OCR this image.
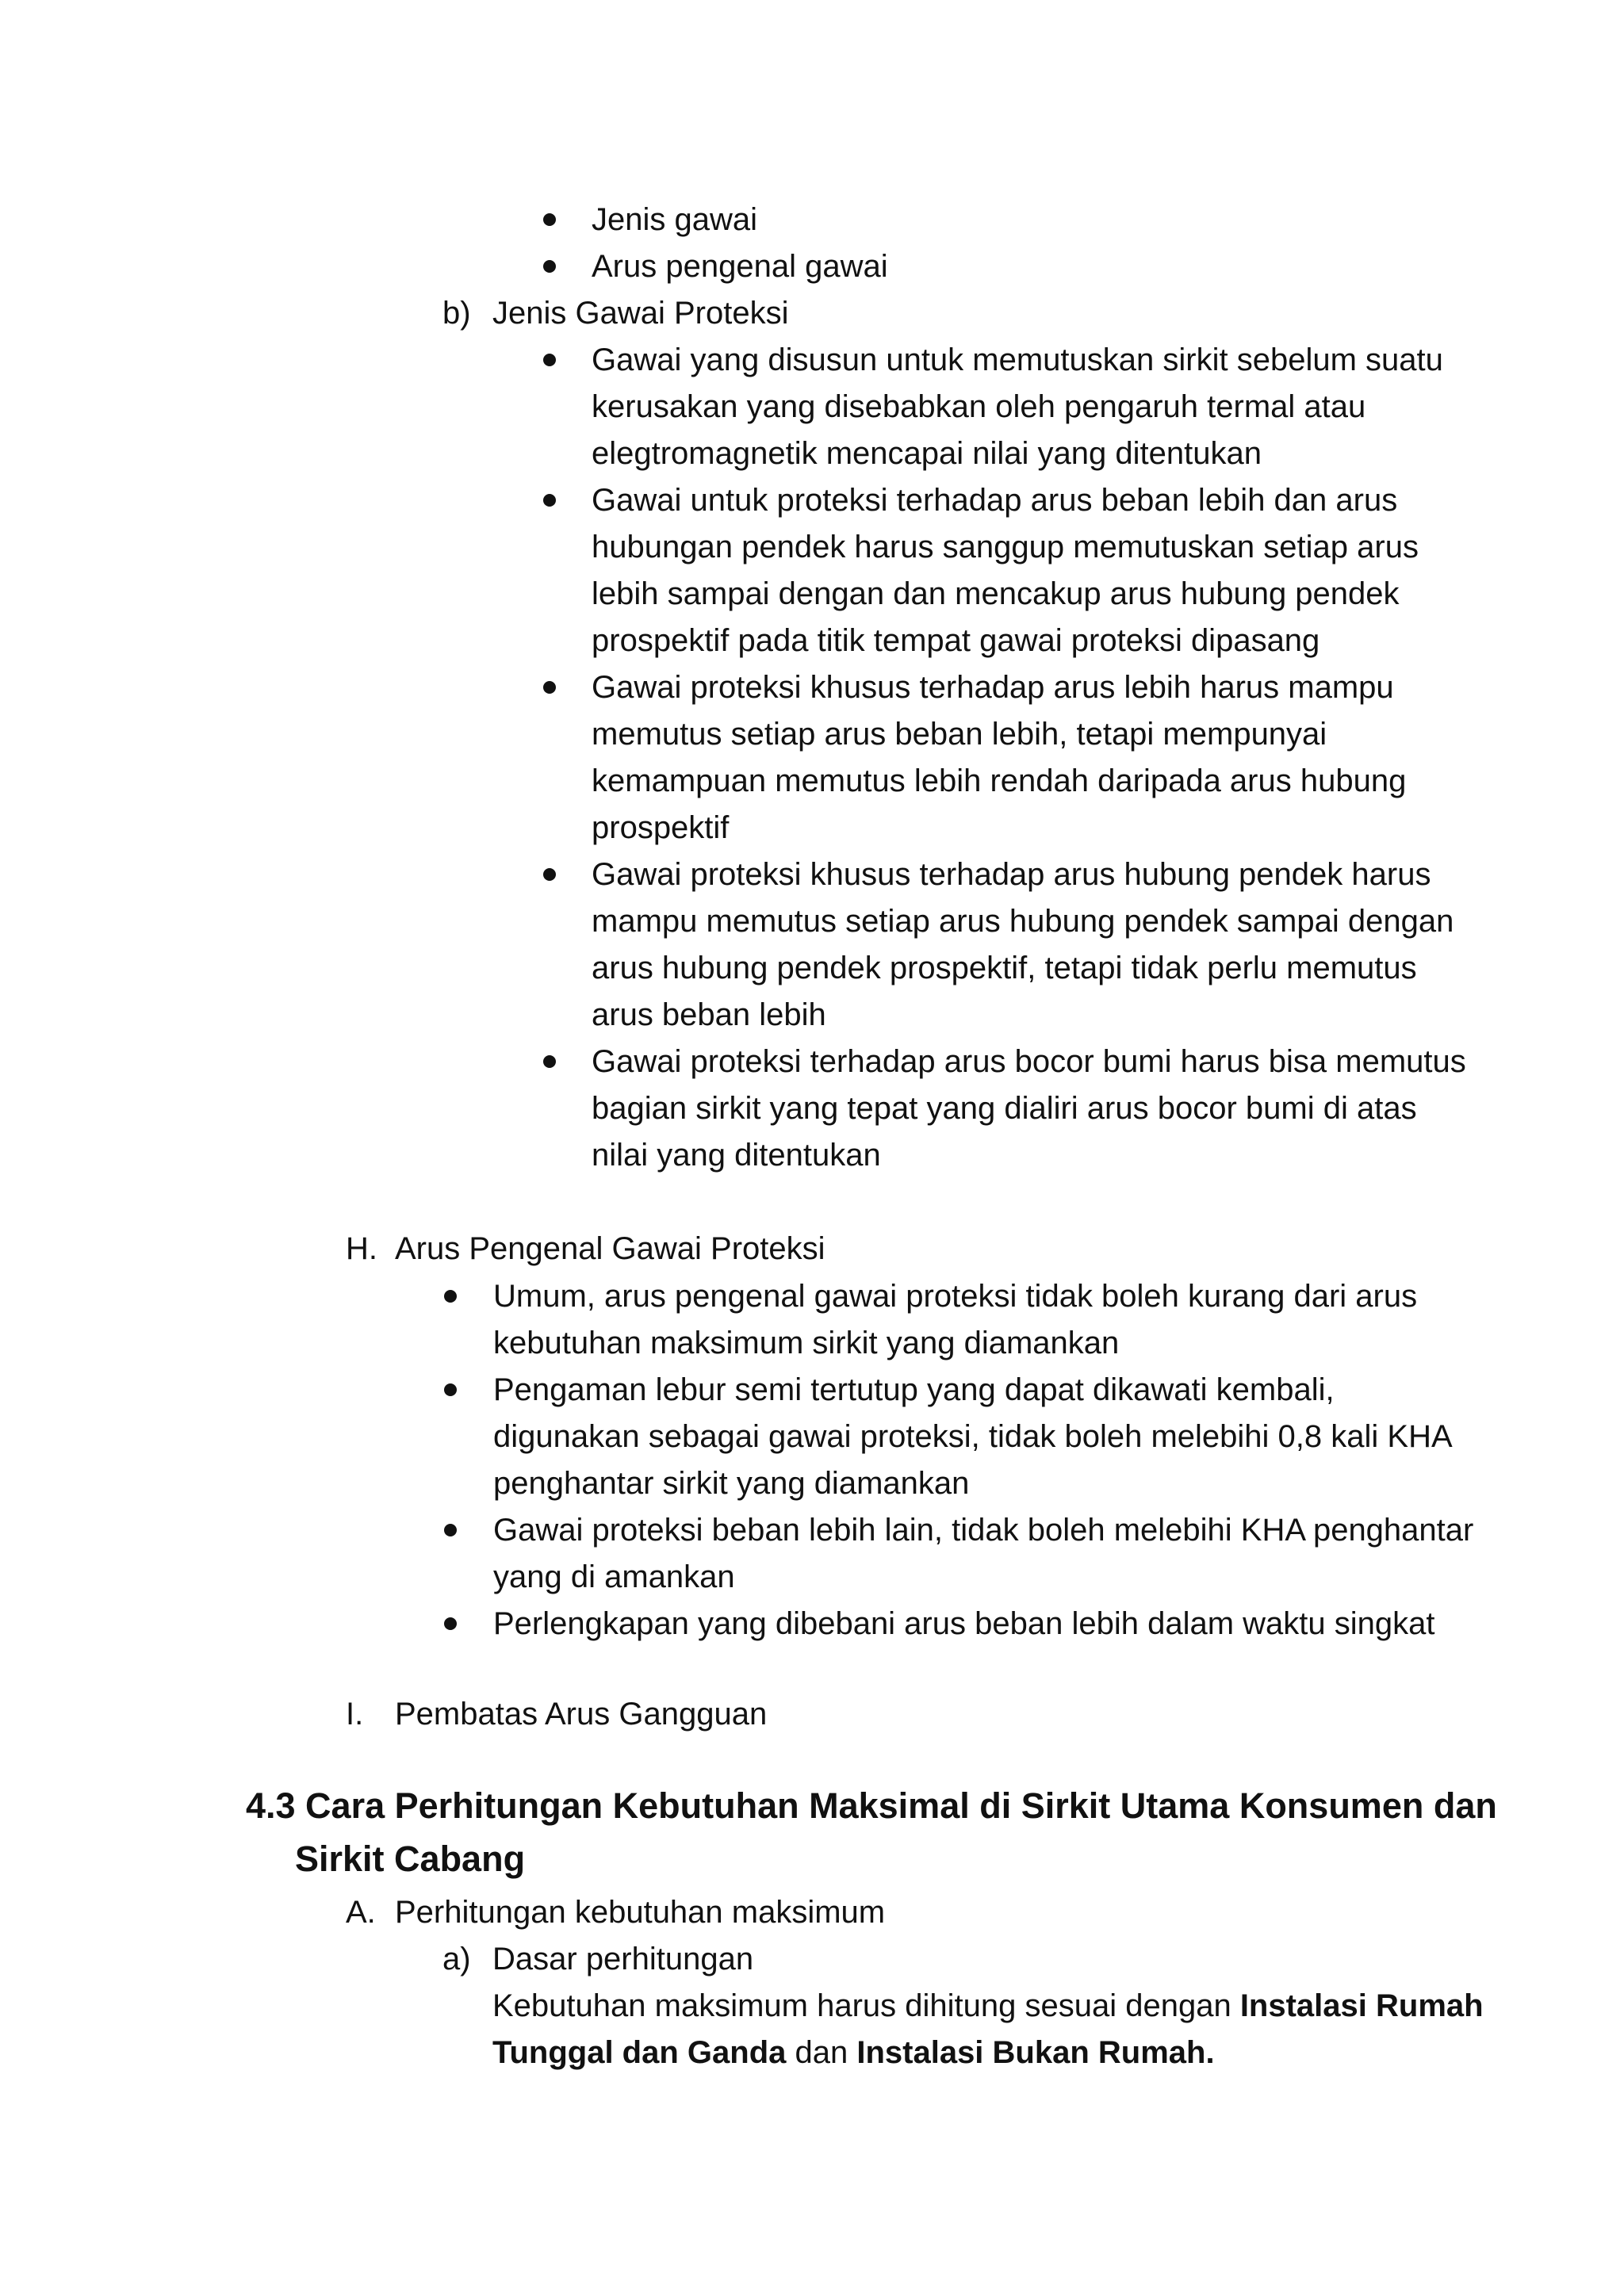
Jenis gawai
Arus pengenal gawai
b) Jenis Gawai Proteksi
Gawai yang disusun untuk memutuskan sirkit sebelum suatu
kerusakan yang disebabkan oleh pengaruh termal atau
elegtromagnetik mencapai nilai yang ditentukan
Gawai untuk proteksi terhadap arus beban lebih dan arus
hubungan pendek harus sanggup memutuskan setiap arus
lebih sampai dengan dan mencakup arus hubung pendek
prospektif pada titik tempat gawai proteksi dipasang
Gawai proteksi khusus terhadap arus lebih harus mampu
memutus setiap arus beban lebih, tetapi mempunyai
kemampuan memutus lebih rendah daripada arus hubung
prospektif
Gawai proteksi khusus terhadap arus hubung pendek harus
mampu memutus setiap arus hubung pendek sampai dengan
arus hubung pendek prospektif, tetapi tidak perlu memutus
arus beban lebih
Gawai proteksi terhadap arus bocor bumi harus bisa memutus
bagian sirkit yang tepat yang dialiri arus bocor bumi di atas
nilai yang ditentukan
H. Arus Pengenal Gawai Proteksi
Umum, arus pengenal gawai proteksi tidak boleh kurang dari arus
kebutuhan maksimum sirkit yang diamankan
Pengaman lebur semi tertutup yang dapat dikawati kembali,
digunakan sebagai gawai proteksi, tidak boleh melebihi 0,8 kali KHA
penghantar sirkit yang diamankan
Gawai proteksi beban lebih lain, tidak boleh melebihi KHA penghantar
yang di amankan
Perlengkapan yang dibebani arus beban lebih dalam waktu singkat
I. Pembatas Arus Gangguan
4.3 Cara Perhitungan Kebutuhan Maksimal di Sirkit Utama Konsumen dan
Sirkit Cabang
A. Perhitungan kebutuhan maksimum
a) Dasar perhitungan
Kebutuhan maksimum harus dihitung sesuai dengan Instalasi Rumah
Tunggal dan Ganda dan Instalasi Bukan Rumah.
